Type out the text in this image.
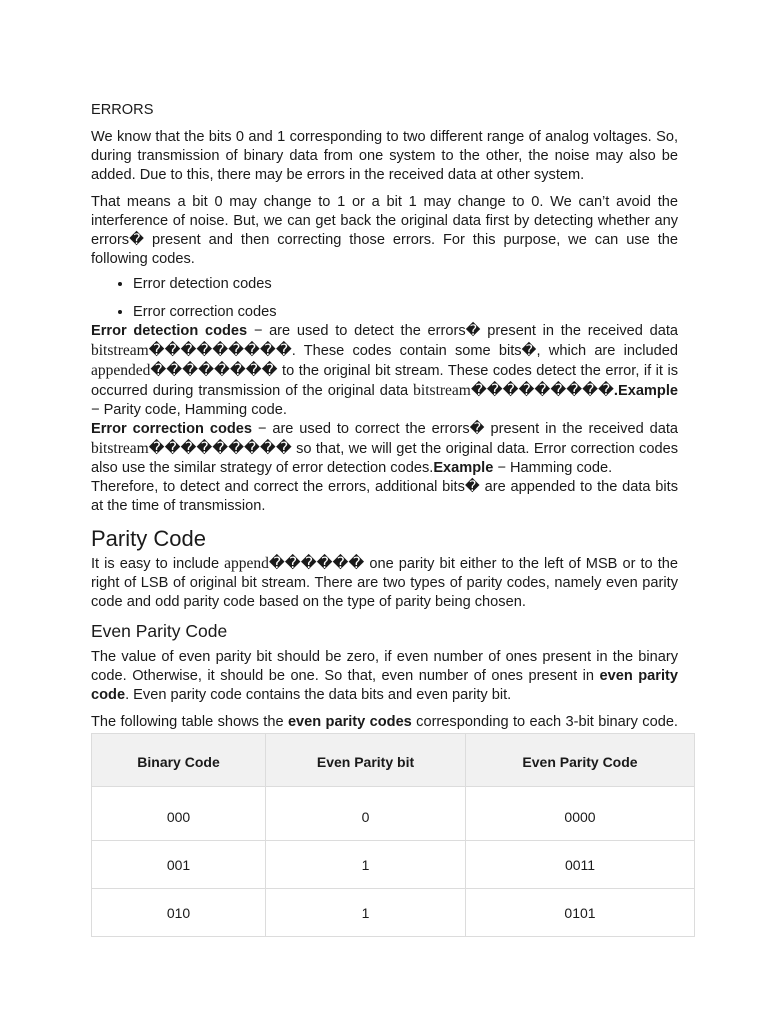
ERRORS

We know that the bits 0 and 1 corresponding to two different range of analog voltages. So, during transmission of binary data from one system to the other, the noise may also be added. Due to this, there may be errors in the received data at other system.

That means a bit 0 may change to 1 or a bit 1 may change to 0. We can’t avoid the interference of noise. But, we can get back the original data first by detecting whether any errors� present and then correcting those errors. For this purpose, we can use the following codes.

• Error detection codes
• Error correction codes

Error detection codes − are used to detect the errors� present in the received data bitstream���������. These codes contain some bits�, which are included appended�������� to the original bit stream. These codes detect the error, if it is occurred during transmission of the original data bitstream���������.Example − Parity code, Hamming code.

Error correction codes − are used to correct the errors� present in the received data bitstream��������� so that, we will get the original data. Error correction codes also use the similar strategy of error detection codes.Example − Hamming code.

Therefore, to detect and correct the errors, additional bits� are appended to the data bits at the time of transmission.

Parity Code

It is easy to include append������ one parity bit either to the left of MSB or to the right of LSB of original bit stream. There are two types of parity codes, namely even parity code and odd parity code based on the type of parity being chosen.

Even Parity Code

The value of even parity bit should be zero, if even number of ones present in the binary code. Otherwise, it should be one. So that, even number of ones present in even parity code. Even parity code contains the data bits and even parity bit.

The following table shows the even parity codes corresponding to each 3-bit binary code.

Binary Code	Even Parity bit	Even Parity Code
000	0	0000
001	1	0011
010	1	0101
